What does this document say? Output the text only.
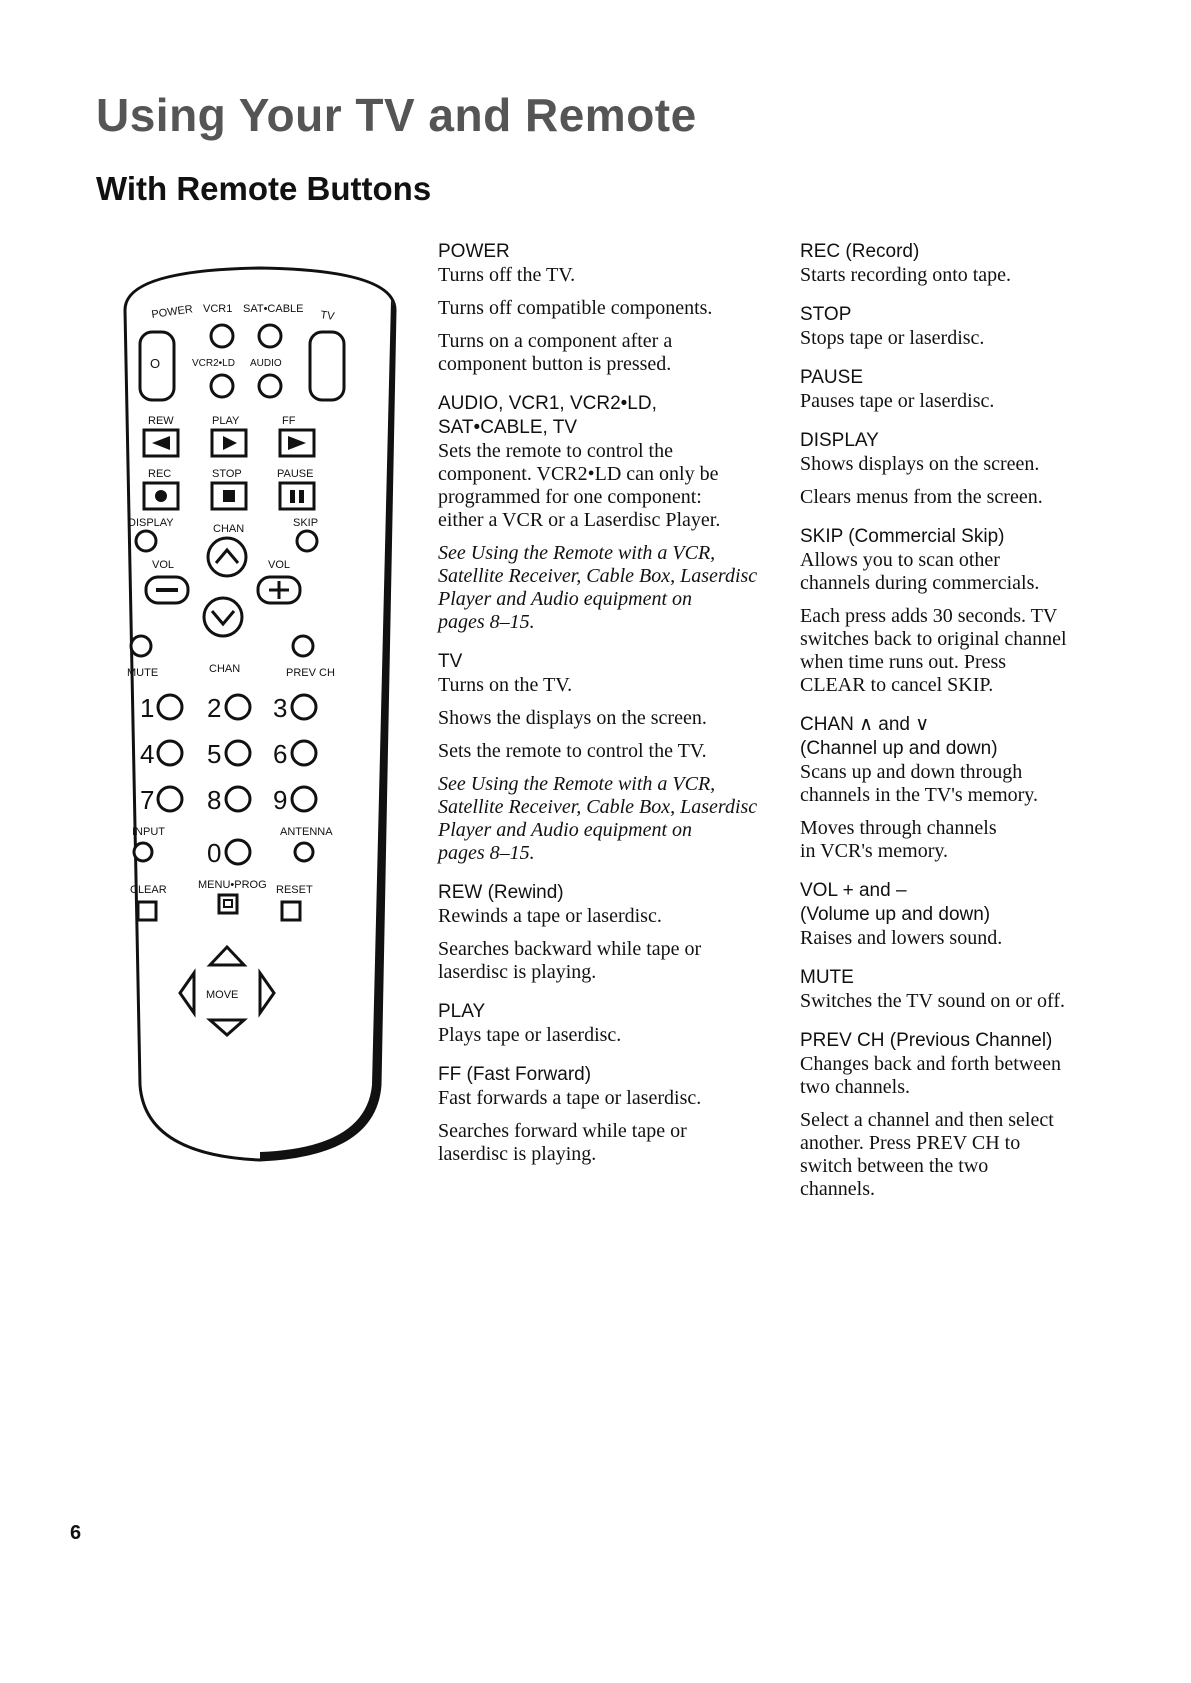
Using Your TV and Remote
With Remote Buttons
POWER VCR1 SAT•CABLE
TV
O	VCR2•LD AUDIO
REW	PLAY	FF
REC	STOP	PAUSE
DISPLAY	CHAN	SKIP
VOL	VOL
MUTE	CHAN	PREV CH
1 2 3
4 5 6
7 8 9
INPUT	ANTENNA
0
CLEAR	MENU•PROG RESET
MOVE

POWER

Turns off the TV.

Turns off compatible components.

Turns on a component after a

component button is pressed.

AUDIO, VCR1, VCR2•LD,

SAT•CABLE, TV

Sets the remote to control the

component. VCR2•LD can only be

programmed for one component:

either a VCR or a Laserdisc Player.

See Using the Remote with a VCR,

Satellite Receiver, Cable Box, Laserdisc

Player and Audio equipment on

pages 8–15.

TV

Turns on the TV.

Shows the displays on the screen.

Sets the remote to control the TV.

See Using the Remote with a VCR,

Satellite Receiver, Cable Box, Laserdisc

Player and Audio equipment on

pages 8–15.

REW (Rewind)

Rewinds a tape or laserdisc.

Searches backward while tape or

laserdisc is playing.

PLAY

Plays tape or laserdisc.

FF (Fast Forward)

Fast forwards a tape or laserdisc.

Searches forward while tape or

laserdisc is playing.

REC (Record)

Starts recording onto tape.

STOP

Stops tape or laserdisc.

PAUSE

Pauses tape or laserdisc.

DISPLAY

Shows displays on the screen.

Clears menus from the screen.

SKIP (Commercial Skip)

Allows you to scan other

channels during commercials.

Each press adds 30 seconds. TV

switches back to original channel

when time runs out. Press

CLEAR to cancel SKIP.

CHAN ∧ and ∨

(Channel up and down)

Scans up and down through

channels in the TV's memory.

Moves through channels

in VCR's memory.

VOL + and –

(Volume up and down)

Raises and lowers sound.

MUTE

Switches the TV sound on or off.

PREV CH (Previous Channel)

Changes back and forth between

two channels.

Select a channel and then select

another. Press PREV CH to

switch between the two

channels.

6
